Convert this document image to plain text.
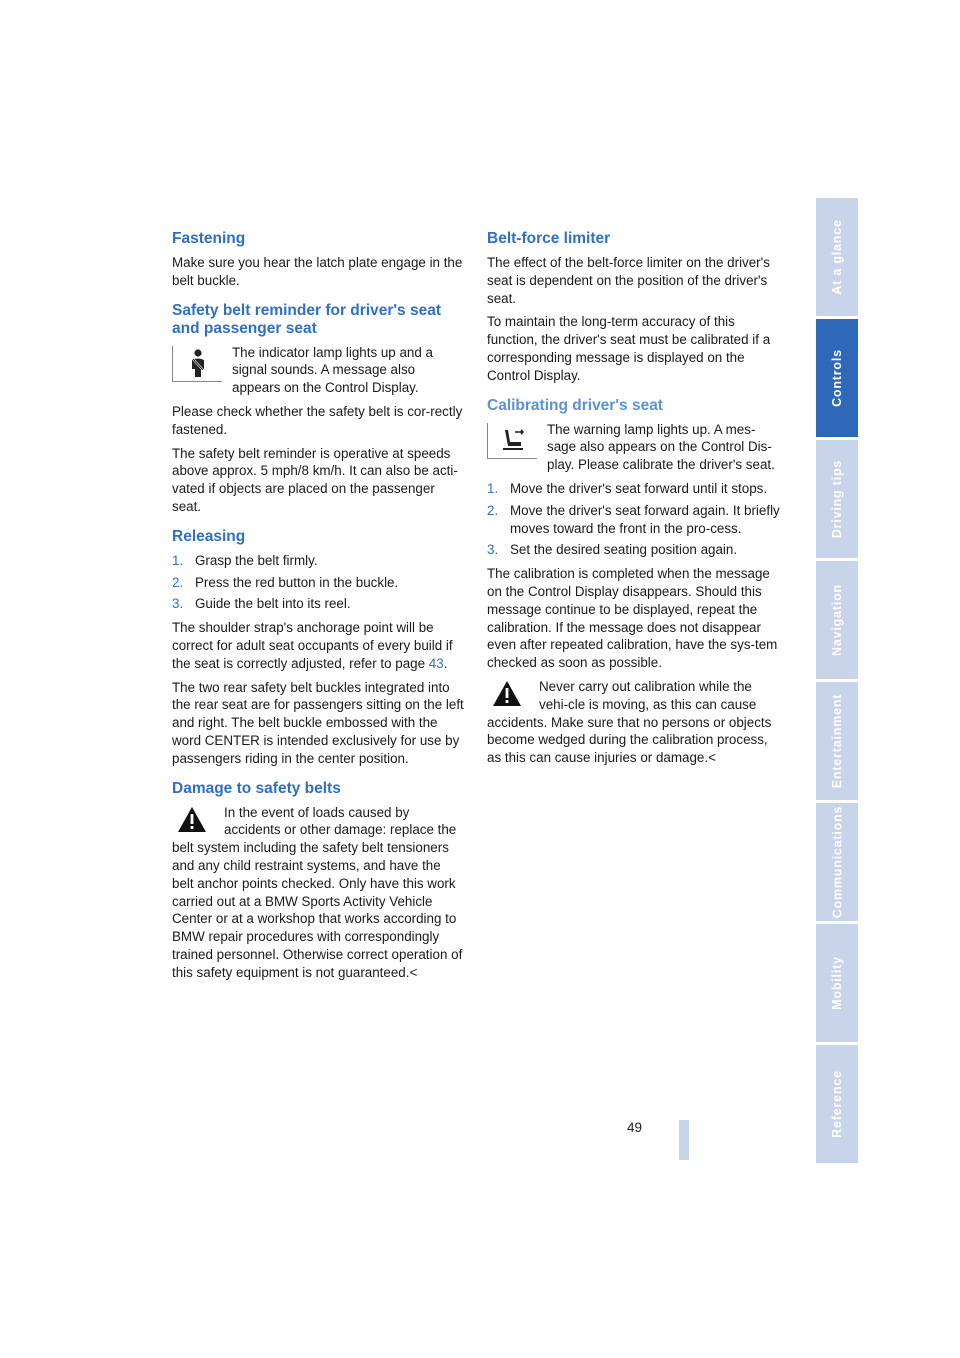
Fastening

Make sure you hear the latch plate engage in the belt buckle.

Safety belt reminder for driver's seat and passenger seat

The indicator lamp lights up and a signal sounds. A message also appears on the Control Display.

Please check whether the safety belt is cor-rectly fastened.

The safety belt reminder is operative at speeds above approx. 5 mph/8 km/h. It can also be acti-vated if objects are placed on the passenger seat.

Releasing
1. Grasp the belt firmly.
2. Press the red button in the buckle.
3. Guide the belt into its reel.

The shoulder strap's anchorage point will be correct for adult seat occupants of every build if the seat is correctly adjusted, refer to page 43.

The two rear safety belt buckles integrated into the rear seat are for passengers sitting on the left and right. The belt buckle embossed with the word CENTER is intended exclusively for use by passengers riding in the center position.

Damage to safety belts

In the event of loads caused by accidents or other damage: replace the belt system including the safety belt tensioners and any child restraint systems, and have the belt anchor points checked. Only have this work carried out at a BMW Sports Activity Vehicle Center or at a workshop that works according to BMW repair procedures with correspondingly trained personnel. Otherwise correct operation of this safety equipment is not guaranteed.<

Belt-force limiter

The effect of the belt-force limiter on the driver's seat is dependent on the position of the driver's seat.

To maintain the long-term accuracy of this function, the driver's seat must be calibrated if a corresponding message is displayed on the Control Display.

Calibrating driver's seat

The warning lamp lights up. A mes-sage also appears on the Control Dis-play. Please calibrate the driver's seat.

1. Move the driver's seat forward until it stops.
2. Move the driver's seat forward again. It briefly moves toward the front in the pro-cess.
3. Set the desired seating position again.

The calibration is completed when the message on the Control Display disappears. Should this message continue to be displayed, repeat the calibration. If the message does not disappear even after repeated calibration, have the sys-tem checked as soon as possible.

Never carry out calibration while the vehi-cle is moving, as this can cause accidents. Make sure that no persons or objects become wedged during the calibration process, as this can cause injuries or damage.<

At a glance
Controls
Driving tips
Navigation
Entertainment
Communications
Mobility
Reference
49
